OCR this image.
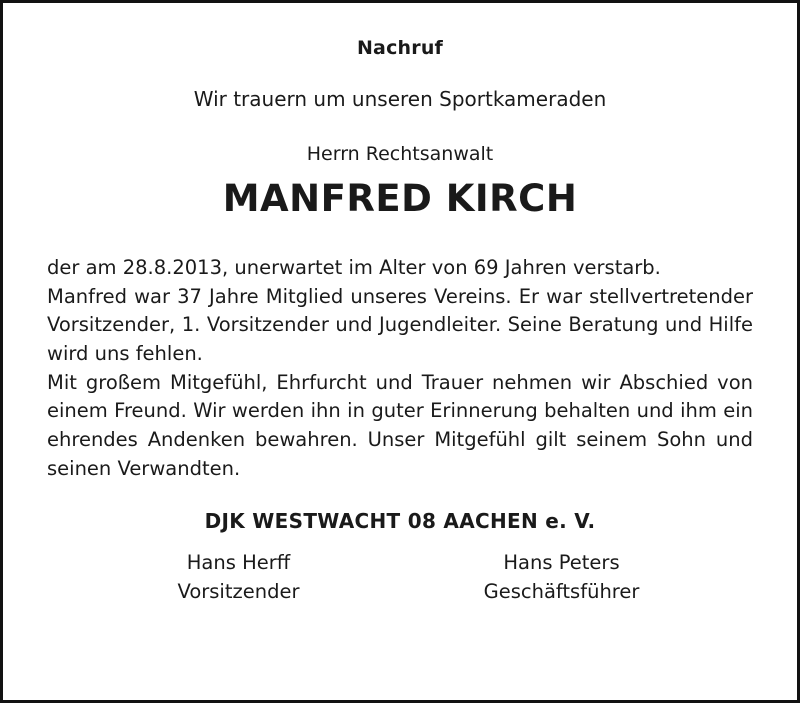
Nachruf
Wir trauern um unseren Sportkameraden
Herrn Rechtsanwalt
MANFRED KIRCH

der am 28.8.2013, unerwartet im Alter von 69 Jahren verstarb.

Manfred war 37 Jahre Mitglied unseres Vereins. Er war stellvertretender Vorsitzender, 1. Vorsitzender und Jugendleiter. Seine Beratung und Hilfe wird uns fehlen.

Mit großem Mitgefühl, Ehrfurcht und Trauer nehmen wir Abschied von einem Freund. Wir werden ihn in guter Erinnerung behalten und ihm ein ehrendes Andenken bewahren. Unser Mitgefühl gilt seinem Sohn und seinen Verwandten.

DJK WESTWACHT 08 AACHEN e. V.
Hans Herff
Vorsitzender
Hans Peters
Geschäftsführer
